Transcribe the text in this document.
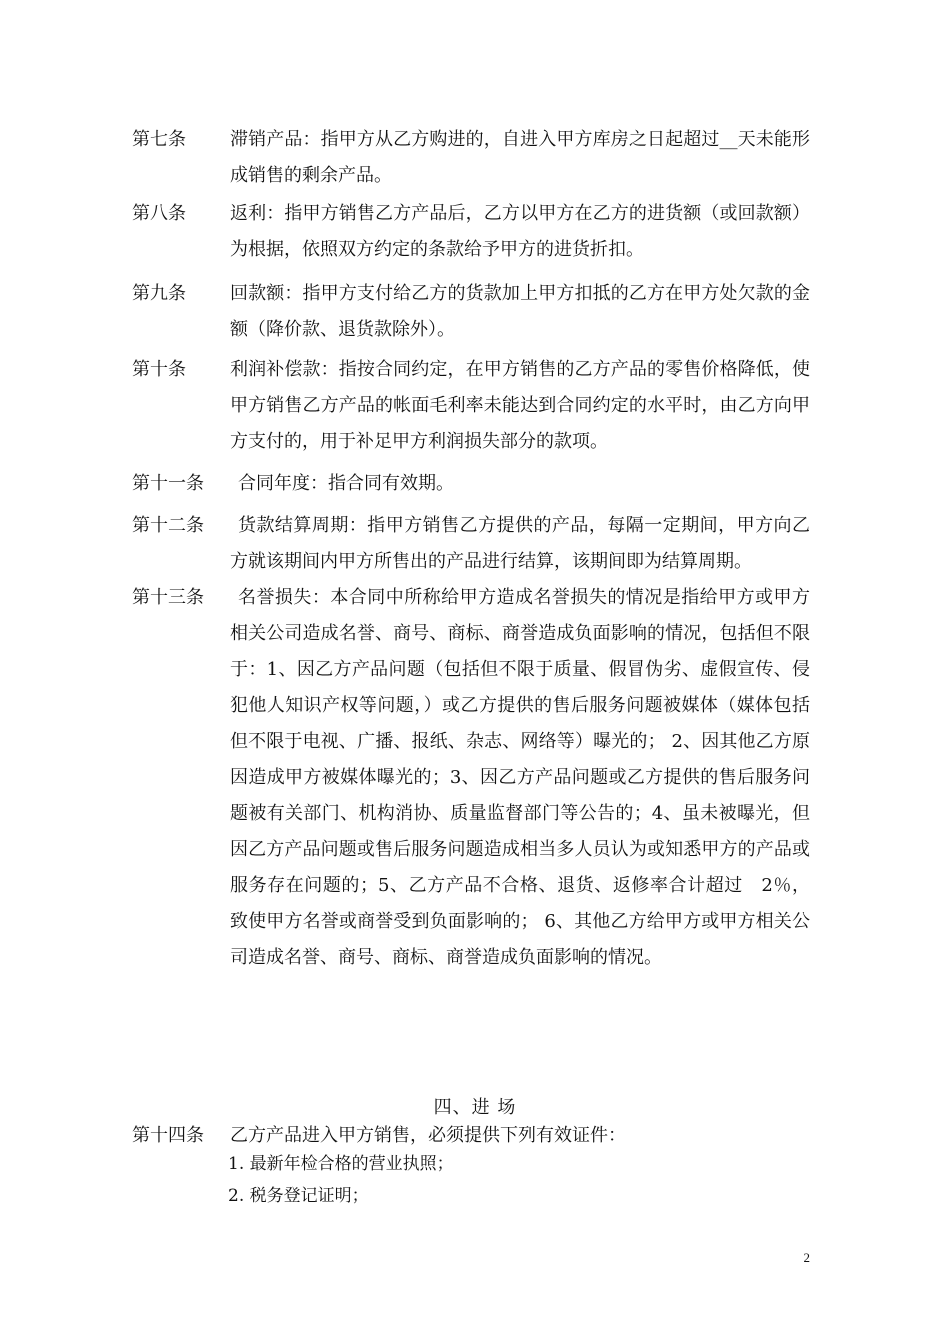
第七条 滞销产品：指甲方从乙方购进的，自进入甲方库房之日起超过__天未能形成销售的剩余产品。
第八条 返利：指甲方销售乙方产品后，乙方以甲方在乙方的进货额（或回款额）为根据，依照双方约定的条款给予甲方的进货折扣。
第九条 回款额：指甲方支付给乙方的货款加上甲方扣抵的乙方在甲方处欠款的金额（降价款、退货款除外）。
第十条 利润补偿款：指按合同约定，在甲方销售的乙方产品的零售价格降低，使甲方销售乙方产品的帐面毛利率未能达到合同约定的水平时，由乙方向甲方支付的，用于补足甲方利润损失部分的款项。
第十一条 合同年度：指合同有效期。
第十二条	货款结算周期：指甲方销售乙方提供的产品，每隔一定期间，甲方向乙方就该期间内甲方所售出的产品进行结算，该期间即为结算周期。
第十三条	名誉损失：本合同中所称给甲方造成名誉损失的情况是指给甲方或甲方相关公司造成名誉、商号、商标、商誉造成负面影响的情况，包括但不限于：1、因乙方产品问题（包括但不限于质量、假冒伪劣、虚假宣传、侵犯他人知识产权等问题，）或乙方提供的售后服务问题被媒体（媒体包括但不限于电视、广播、报纸、杂志、网络等）曝光的； 2、因其他乙方原因造成甲方被媒体曝光的；3、因乙方产品问题或乙方提供的售后服务问题被有关部门、机构消协、质量监督部门等公告的；4、虽未被曝光，但因乙方产品问题或售后服务问题造成相当多人员认为或知悉甲方的产品或服务存在问题的；5、乙方产品不合格、退货、返修率合计超过　2％，致使甲方名誉或商誉受到负面影响的； 6、其他乙方给甲方或甲方相关公司造成名誉、商号、商标、商誉造成负面影响的情况。
四、进 场
第十四条 乙方产品进入甲方销售，必须提供下列有效证件：
1. 最新年检合格的营业执照；
2. 税务登记证明；
2
